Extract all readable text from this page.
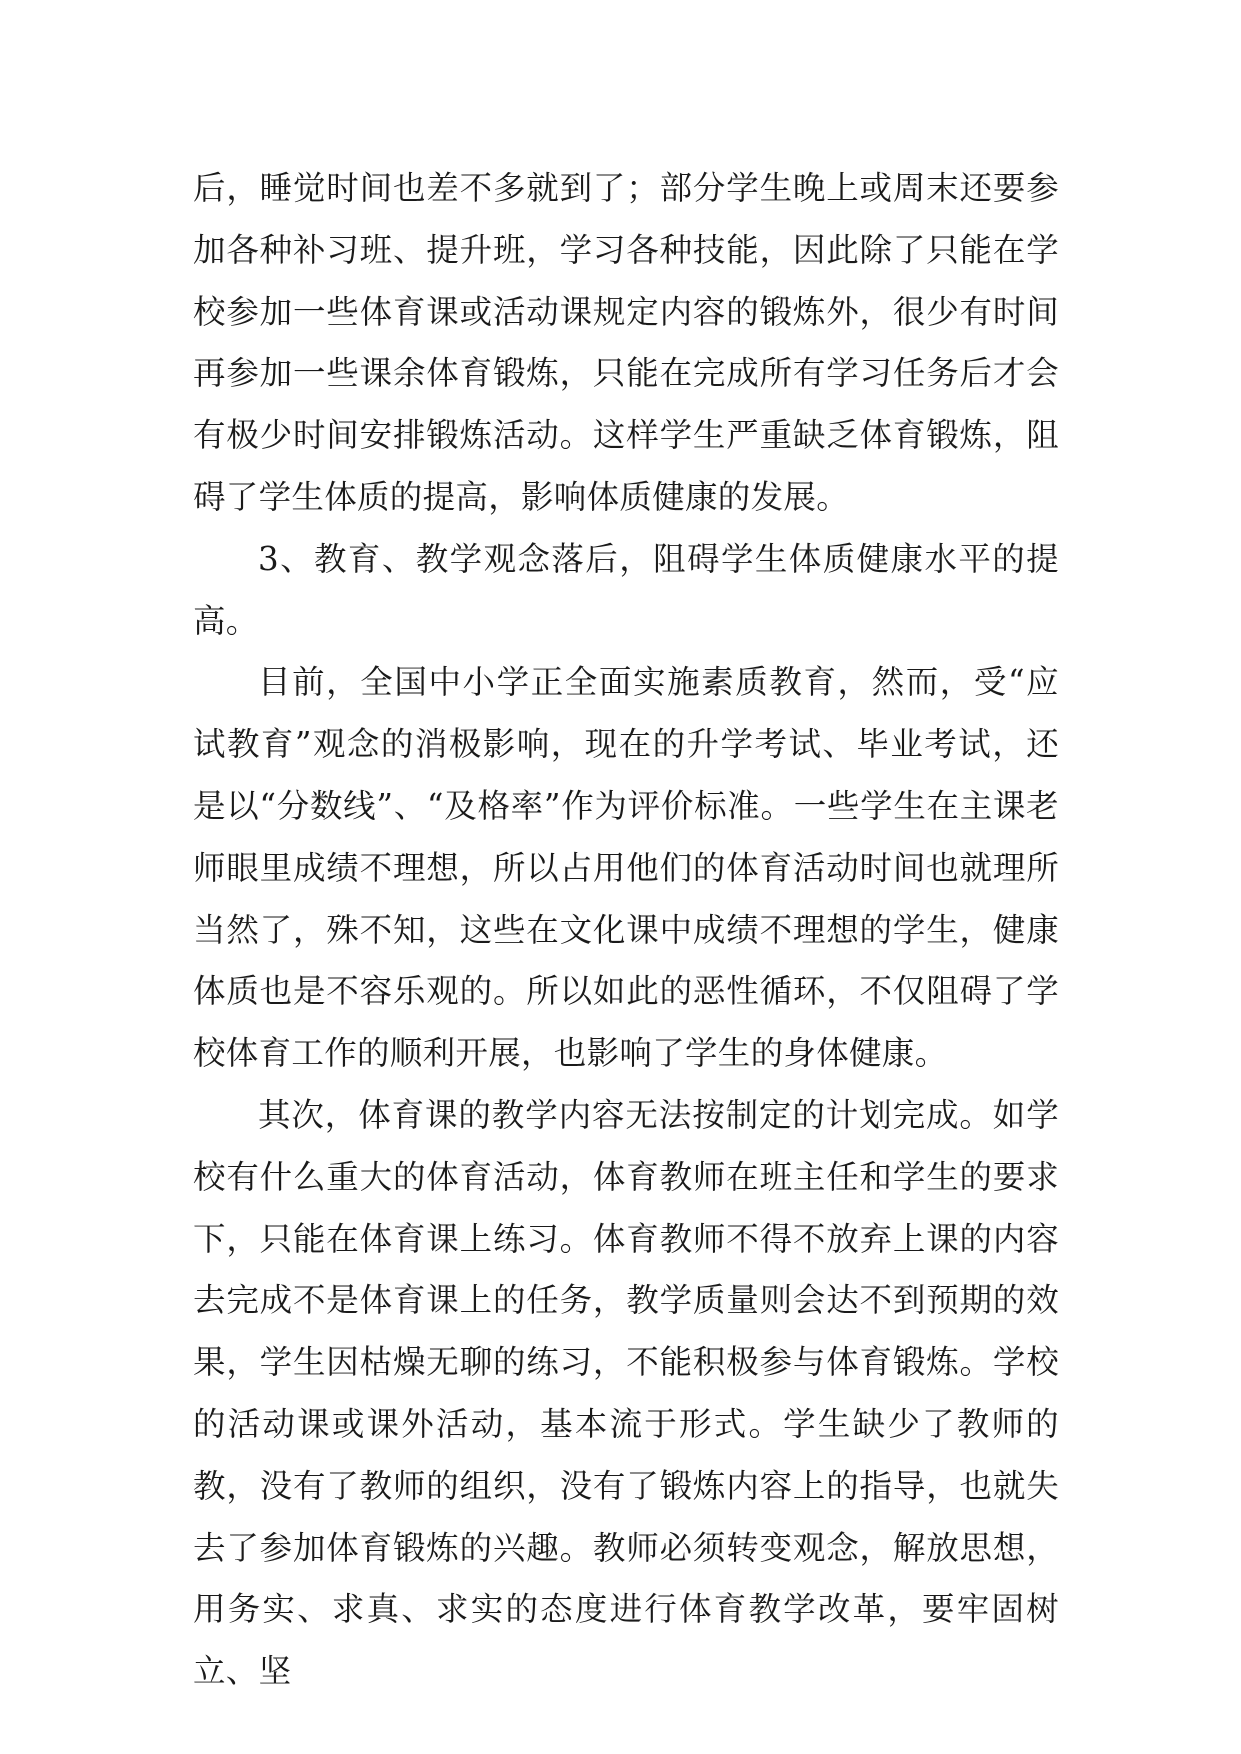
后，睡觉时间也差不多就到了；部分学生晚上或周末还要参加各种补习班、提升班，学习各种技能，因此除了只能在学校参加一些体育课或活动课规定内容的锻炼外，很少有时间再参加一些课余体育锻炼，只能在完成所有学习任务后才会有极少时间安排锻炼活动。这样学生严重缺乏体育锻炼，阻碍了学生体质的提高，影响体质健康的发展。

3、教育、教学观念落后，阻碍学生体质健康水平的提高。

目前，全国中小学正全面实施素质教育，然而，受“应试教育”观念的消极影响，现在的升学考试、毕业考试，还是以“分数线”、“及格率”作为评价标准。一些学生在主课老师眼里成绩不理想，所以占用他们的体育活动时间也就理所当然了，殊不知，这些在文化课中成绩不理想的学生，健康体质也是不容乐观的。所以如此的恶性循环，不仅阻碍了学校体育工作的顺利开展，也影响了学生的身体健康。

其次，体育课的教学内容无法按制定的计划完成。如学校有什么重大的体育活动，体育教师在班主任和学生的要求下，只能在体育课上练习。体育教师不得不放弃上课的内容去完成不是体育课上的任务，教学质量则会达不到预期的效果，学生因枯燥无聊的练习，不能积极参与体育锻炼。学校的活动课或课外活动，基本流于形式。学生缺少了教师的教，没有了教师的组织，没有了锻炼内容上的指导，也就失去了参加体育锻炼的兴趣。教师必须转变观念，解放思想，用务实、求真、求实的态度进行体育教学改革，要牢固树立、坚
